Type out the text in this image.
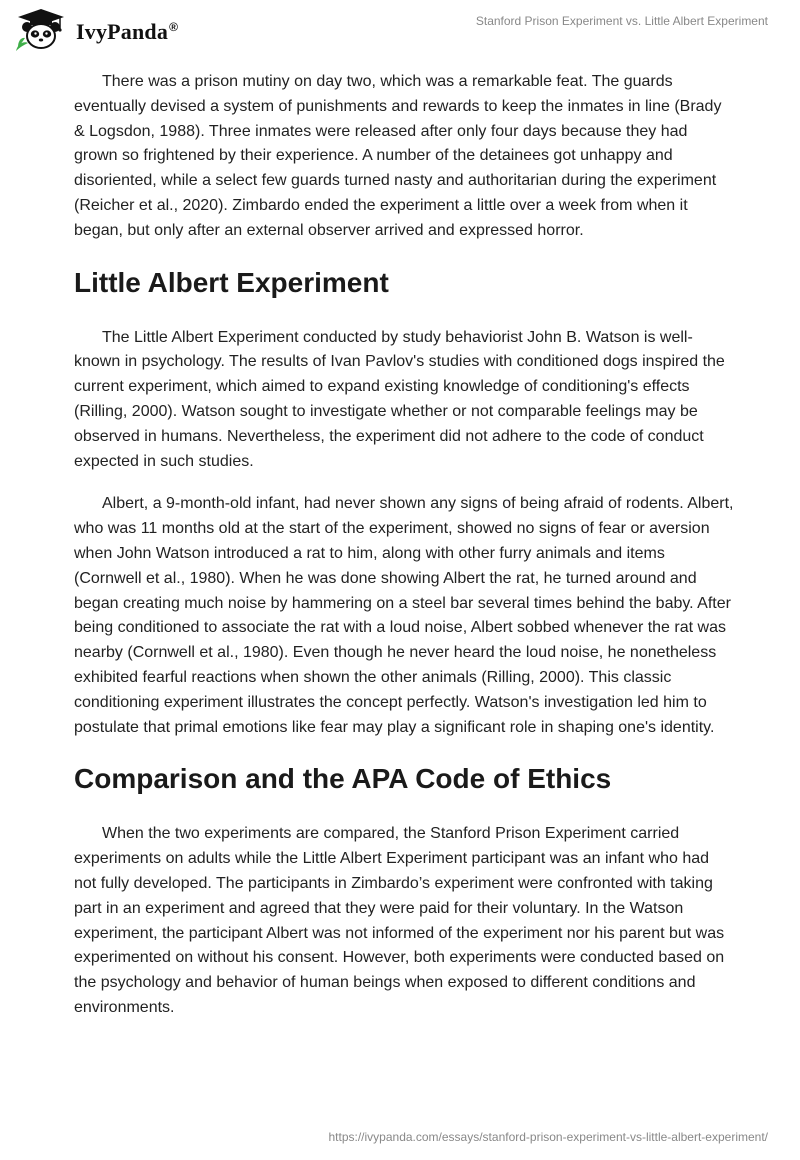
IvyPanda®	Stanford Prison Experiment vs. Little Albert Experiment

There was a prison mutiny on day two, which was a remarkable feat. The guards eventually devised a system of punishments and rewards to keep the inmates in line (Brady & Logsdon, 1988). Three inmates were released after only four days because they had grown so frightened by their experience. A number of the detainees got unhappy and disoriented, while a select few guards turned nasty and authoritarian during the experiment (Reicher et al., 2020). Zimbardo ended the experiment a little over a week from when it began, but only after an external observer arrived and expressed horror.

Little Albert Experiment

The Little Albert Experiment conducted by study behaviorist John B. Watson is well-known in psychology. The results of Ivan Pavlov's studies with conditioned dogs inspired the current experiment, which aimed to expand existing knowledge of conditioning's effects (Rilling, 2000). Watson sought to investigate whether or not comparable feelings may be observed in humans. Nevertheless, the experiment did not adhere to the code of conduct expected in such studies.

Albert, a 9-month-old infant, had never shown any signs of being afraid of rodents. Albert, who was 11 months old at the start of the experiment, showed no signs of fear or aversion when John Watson introduced a rat to him, along with other furry animals and items (Cornwell et al., 1980). When he was done showing Albert the rat, he turned around and began creating much noise by hammering on a steel bar several times behind the baby. After being conditioned to associate the rat with a loud noise, Albert sobbed whenever the rat was nearby (Cornwell et al., 1980). Even though he never heard the loud noise, he nonetheless exhibited fearful reactions when shown the other animals (Rilling, 2000). This classic conditioning experiment illustrates the concept perfectly. Watson's investigation led him to postulate that primal emotions like fear may play a significant role in shaping one's identity.

Comparison and the APA Code of Ethics

When the two experiments are compared, the Stanford Prison Experiment carried experiments on adults while the Little Albert Experiment participant was an infant who had not fully developed. The participants in Zimbardo’s experiment were confronted with taking part in an experiment and agreed that they were paid for their voluntary. In the Watson experiment, the participant Albert was not informed of the experiment nor his parent but was experimented on without his consent. However, both experiments were conducted based on the psychology and behavior of human beings when exposed to different conditions and environments.

https://ivypanda.com/essays/stanford-prison-experiment-vs-little-albert-experiment/
